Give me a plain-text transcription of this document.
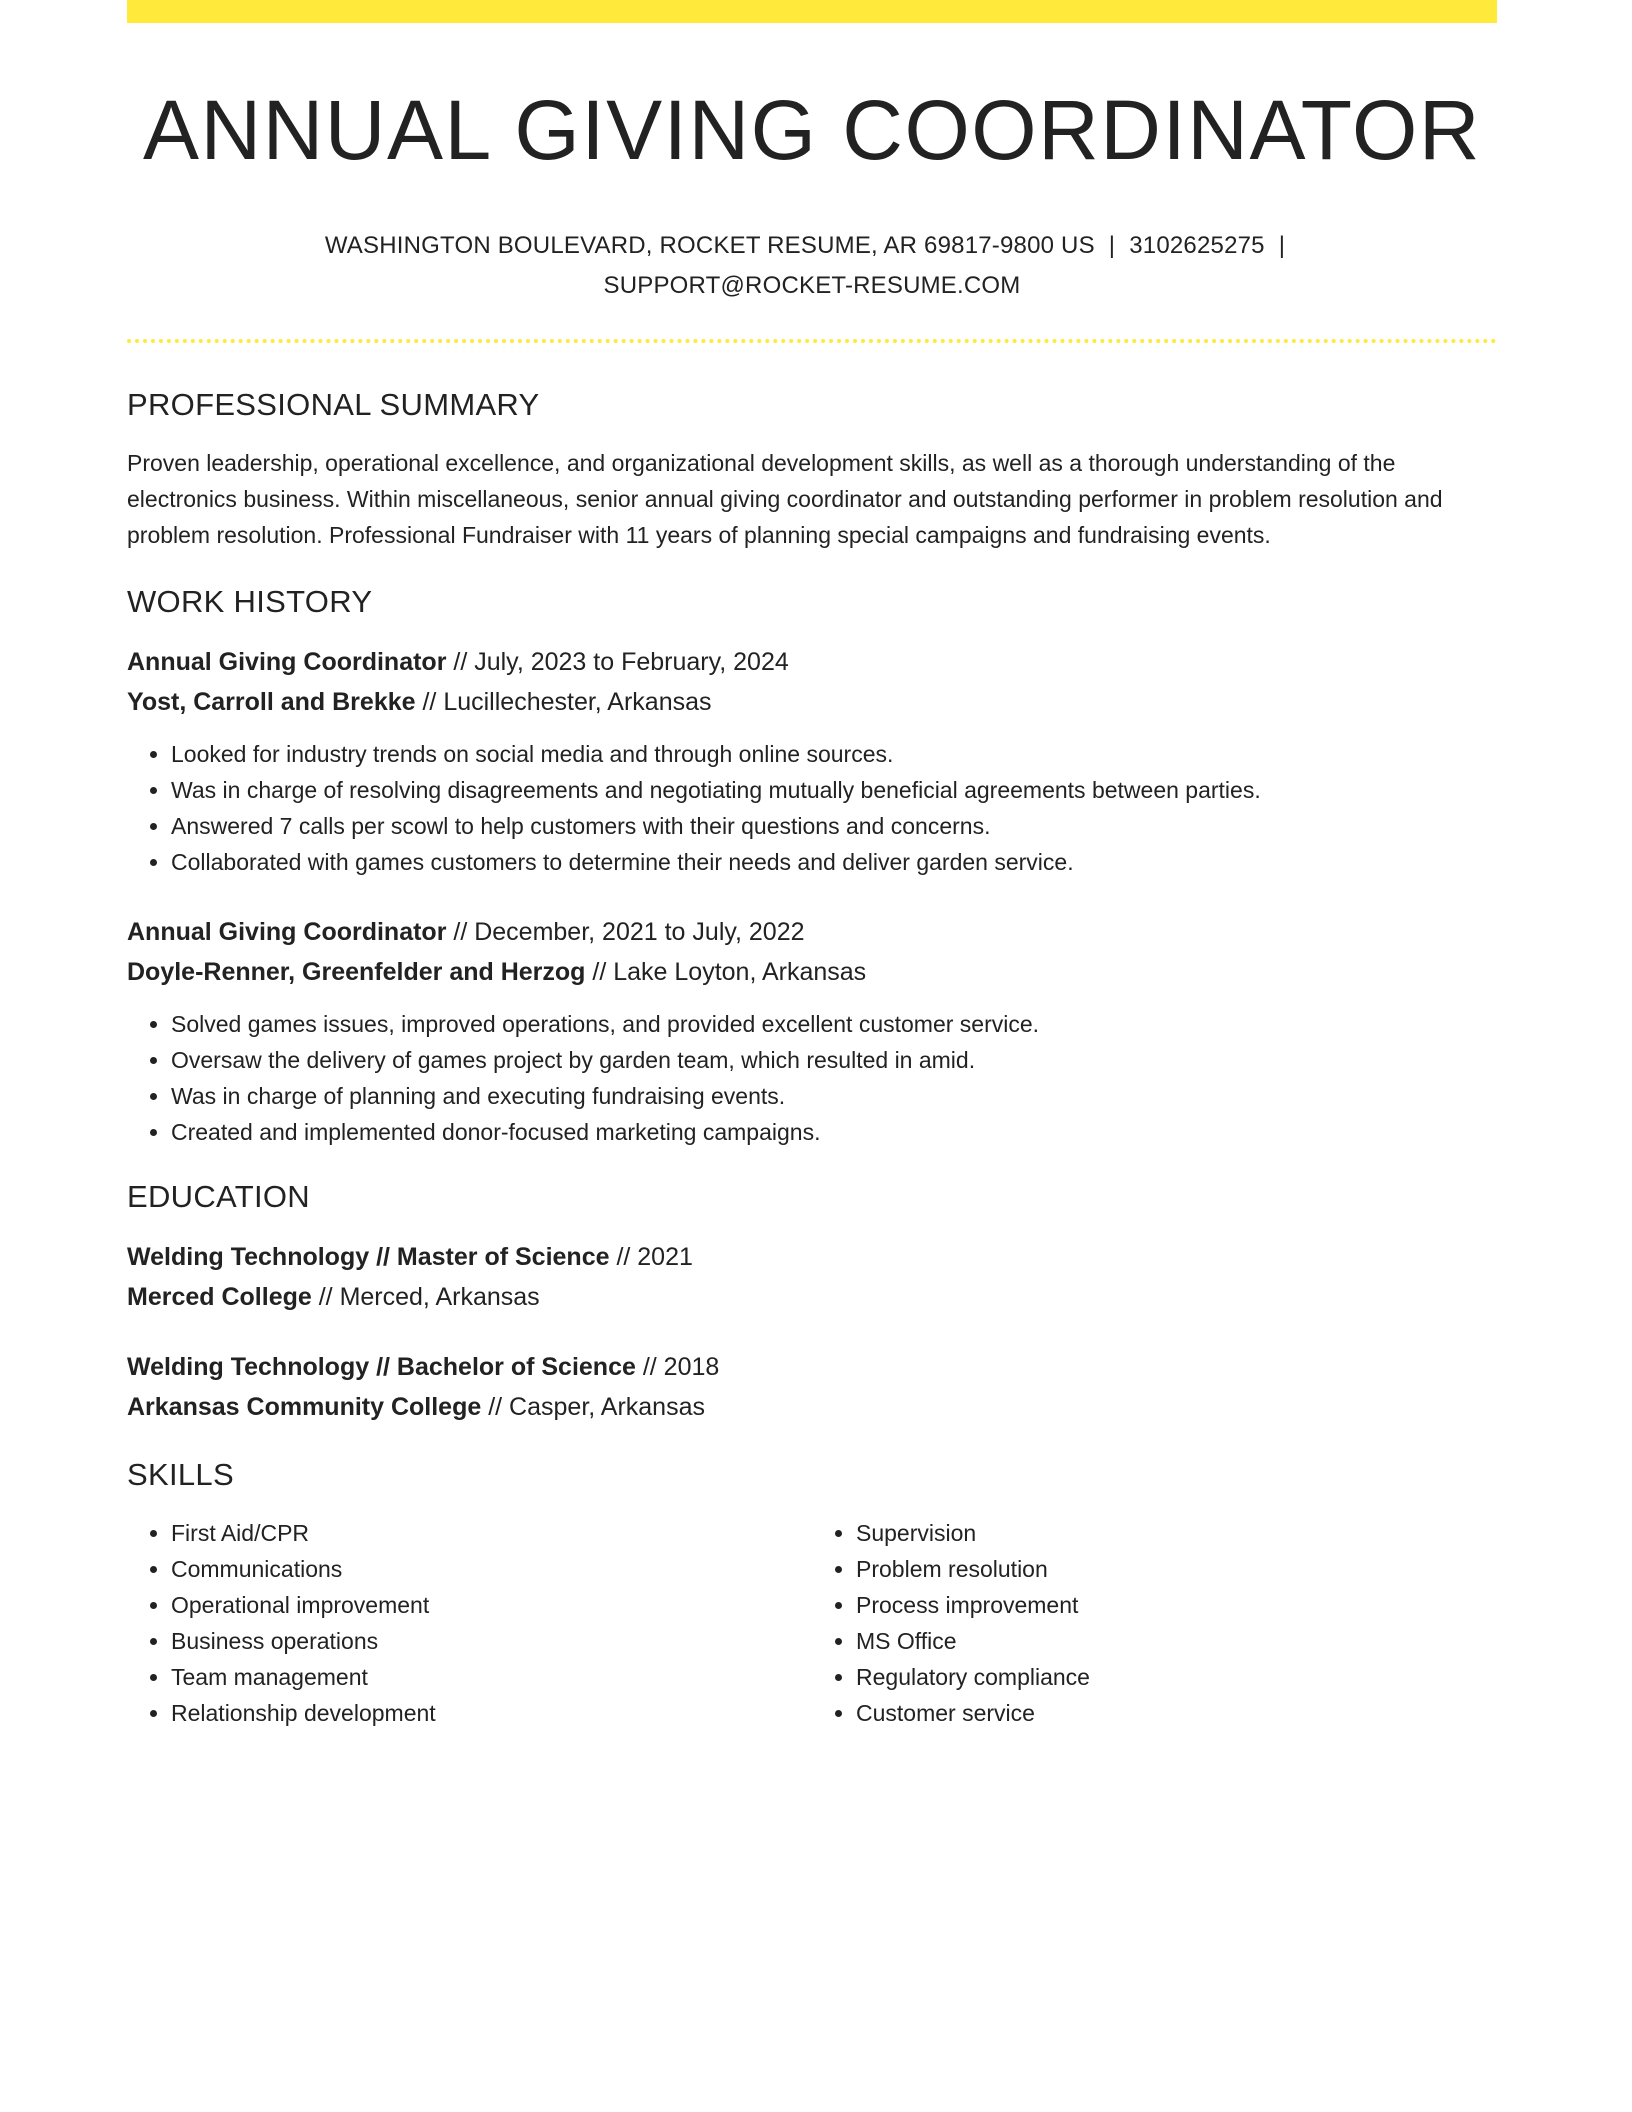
ANNUAL GIVING COORDINATOR

WASHINGTON BOULEVARD, ROCKET RESUME, AR 69817-9800 US | 3102625275 |
SUPPORT@ROCKET-RESUME.COM

PROFESSIONAL SUMMARY

Proven leadership, operational excellence, and organizational development skills, as well as a thorough understanding of the electronics business. Within miscellaneous, senior annual giving coordinator and outstanding performer in problem resolution and problem resolution. Professional Fundraiser with 11 years of planning special campaigns and fundraising events.

WORK HISTORY

Annual Giving Coordinator // July, 2023 to February, 2024

Yost, Carroll and Brekke // Lucillechester, Arkansas

• Looked for industry trends on social media and through online sources.
• Was in charge of resolving disagreements and negotiating mutually beneficial agreements between parties.
• Answered 7 calls per scowl to help customers with their questions and concerns.
• Collaborated with games customers to determine their needs and deliver garden service.

Annual Giving Coordinator // December, 2021 to July, 2022

Doyle-Renner, Greenfelder and Herzog // Lake Loyton, Arkansas

• Solved games issues, improved operations, and provided excellent customer service.
• Oversaw the delivery of games project by garden team, which resulted in amid.
• Was in charge of planning and executing fundraising events.
• Created and implemented donor-focused marketing campaigns.
EDUCATION

Welding Technology // Master of Science // 2021

Merced College // Merced, Arkansas

Welding Technology // Bachelor of Science // 2018

Arkansas Community College // Casper, Arkansas

SKILLS
• First Aid/CPR
• Communications
• Operational improvement
• Business operations
• Team management
• Relationship development
• Supervision
• Problem resolution
• Process improvement
• MS Office
• Regulatory compliance
• Customer service
